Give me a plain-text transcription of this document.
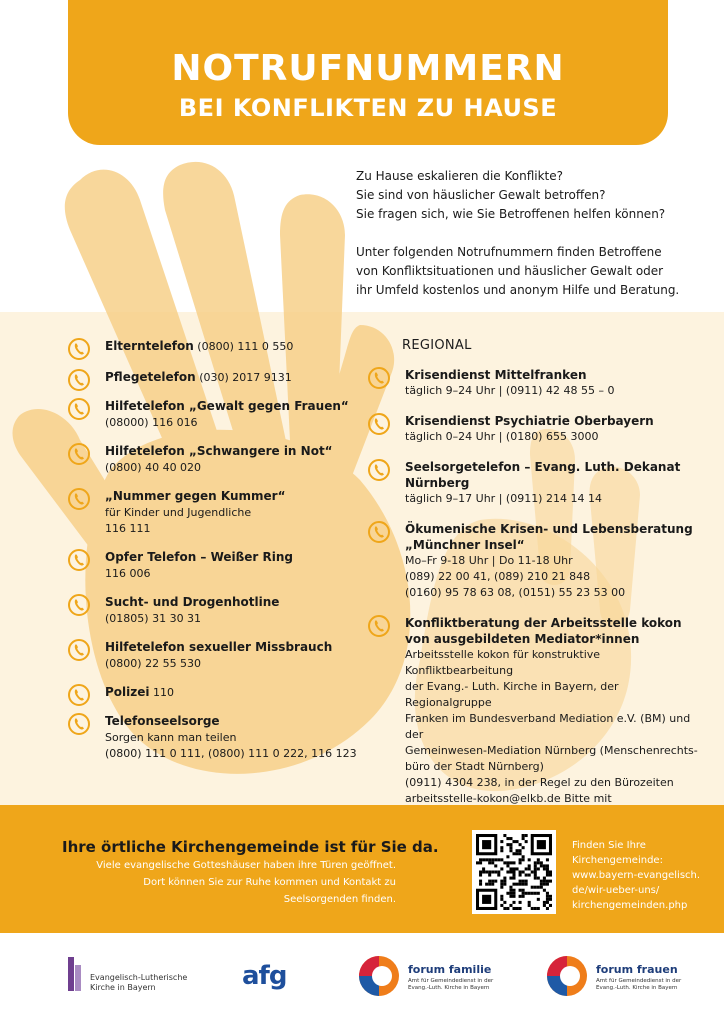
NOTRUFNUMMERN
BEI KONFLIKTEN ZU HAUSE

Zu Hause eskalieren die Konflikte?
Sie sind von häuslicher Gewalt betroffen?
Sie fragen sich, wie Sie Betroffenen helfen können?

Unter folgenden Notrufnummern finden Betroffene
von Konfliktsituationen und häuslicher Gewalt oder
ihr Umfeld kostenlos und anonym Hilfe und Beratung.

Elterntelefon (0800) 111 0 550
Pflegetelefon (030) 2017 9131
Hilfetelefon „Gewalt gegen Frauen“
(08000) 116 016
Hilfetelefon „Schwangere in Not“
(0800) 40 40 020
„Nummer gegen Kummer“
für Kinder und Jugendliche
116 111
Opfer Telefon – Weißer Ring
116 006
Sucht- und Drogenhotline
(01805) 31 30 31
Hilfetelefon sexueller Missbrauch
(0800) 22 55 530
Polizei 110
Telefonseelsorge
Sorgen kann man teilen
(0800) 111 0 111, (0800) 111 0 222, 116 123
REGIONAL
Krisendienst Mittelfranken
täglich 9–24 Uhr | (0911) 42 48 55 – 0
Krisendienst Psychiatrie Oberbayern
täglich 0–24 Uhr | (0180) 655 3000
Seelsorgetelefon – Evang. Luth. Dekanat Nürnberg
täglich 9–17 Uhr | (0911) 214 14 14
Ökumenische Krisen- und Lebensberatung „Münchner Insel“
Mo–Fr 9-18 Uhr | Do 11-18 Uhr
(089) 22 00 41, (089) 210 21 848
(0160) 95 78 63 08, (0151) 55 23 53 00
Konfliktberatung der Arbeitsstelle kokon von ausgebildeten Mediator*innen
Arbeitsstelle kokon für konstruktive Konfliktbearbeitung
der Evang.- Luth. Kirche in Bayern, der Regionalgruppe
Franken im Bundesverband Mediation e.V. (BM) und der
Gemeinwesen-Mediation Nürnberg (Menschenrechts-
büro der Stadt Nürnberg)
(0911) 4304 238, in der Regel zu den Bürozeiten
arbeitsstelle-kokon@elkb.de Bitte mit
Ihre örtliche Kirchengemeinde ist für Sie da.
Viele evangelische Gotteshäuser haben ihre Türen geöffnet.
Dort können Sie zur Ruhe kommen und Kontakt zu
Seelsorgenden finden.
Finden Sie Ihre
Kirchengemeinde:
www.bayern-evangelisch.
de/wir-ueber-uns/
kirchengemeinden.php
Evangelisch-Lutherische
Kirche in Bayern	afg	forum familie
Amt für Gemeindedienst in der
Evang.-Luth. Kirche in Bayern
forum frauen
Amt für Gemeindedienst in der
Evang.-Luth. Kirche in Bayern
